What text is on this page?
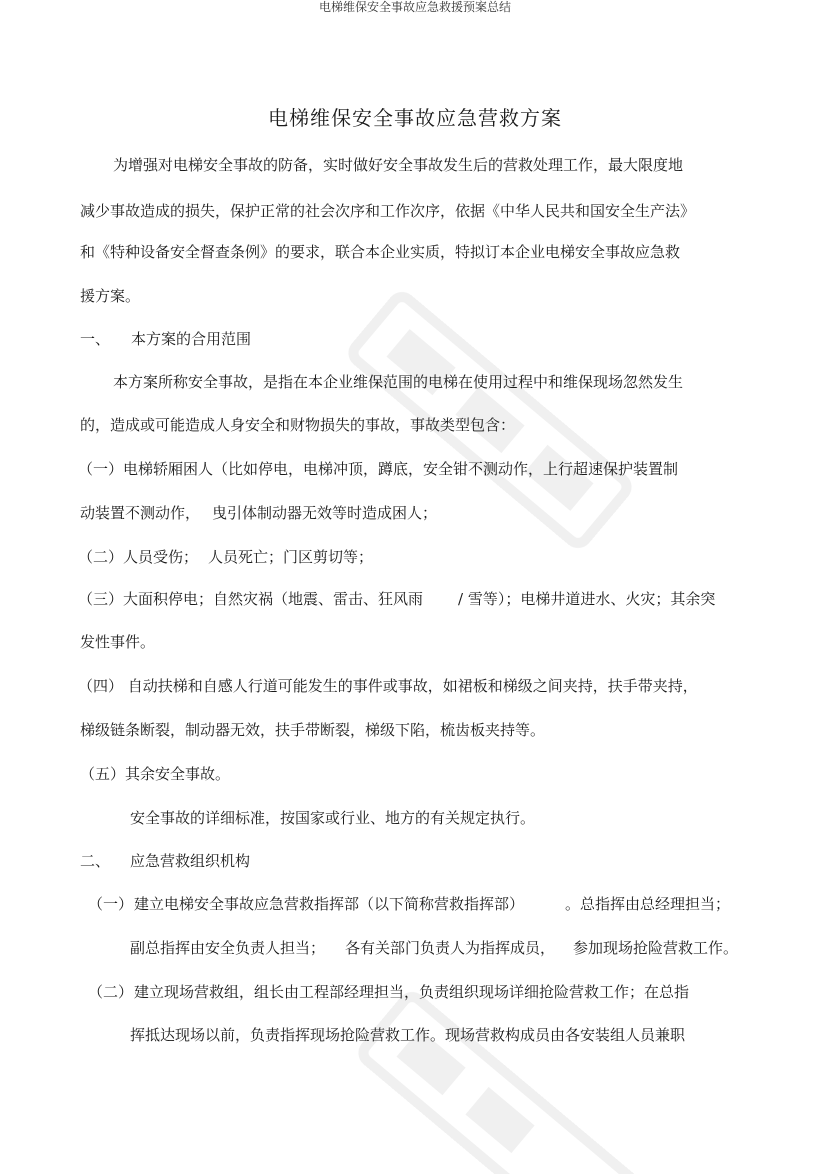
电梯维保安全事故应急救援预案总结
电梯维保安全事故应急营救方案
为增强对电梯安全事故的防备，实时做好安全事故发生后的营救处理工作，最大限度地
减少事故造成的损失，保护正常的社会次序和工作次序，依据《中华人民共和国安全生产法》
和《特种设备安全督查条例》的要求，联合本企业实质，特拟订本企业电梯安全事故应急救
援方案。
一、 本方案的合用范围
本方案所称安全事故，是指在本企业维保范围的电梯在使用过程中和维保现场忽然发生
的，造成或可能造成人身安全和财物损失的事故，事故类型包含：
（一）电梯轿厢困人（比如停电，电梯冲顶，蹲底，安全钳不测动作，上行超速保护装置制
动装置不测动作， 曳引体制动器无效等时造成困人；
（二）人员受伤； 人员死亡；门区剪切等；
（三）大面积停电；自然灾祸（地震、雷击、狂风雨 / 雪等）；电梯井道进水、火灾；其余突
发性事件。
（四） 自动扶梯和自感人行道可能发生的事件或事故，如裙板和梯级之间夹持，扶手带夹持，
梯级链条断裂，制动器无效，扶手带断裂，梯级下陷，梳齿板夹持等。
（五）其余安全事故。
安全事故的详细标准，按国家或行业、地方的有关规定执行。
二、 应急营救组织机构
（一） 建立电梯安全事故应急营救指挥部（以下简称营救指挥部）	。总指挥由总经理担当；
副总指挥由安全负责人担当； 各有关部门负责人为指挥成员， 参加现场抢险营救工作。
（二） 建立现场营救组，组长由工程部经理担当，负责组织现场详细抢险营救工作；在总指
挥抵达现场以前，负责指挥现场抢险营救工作。现场营救构成员由各安装组人员兼职
